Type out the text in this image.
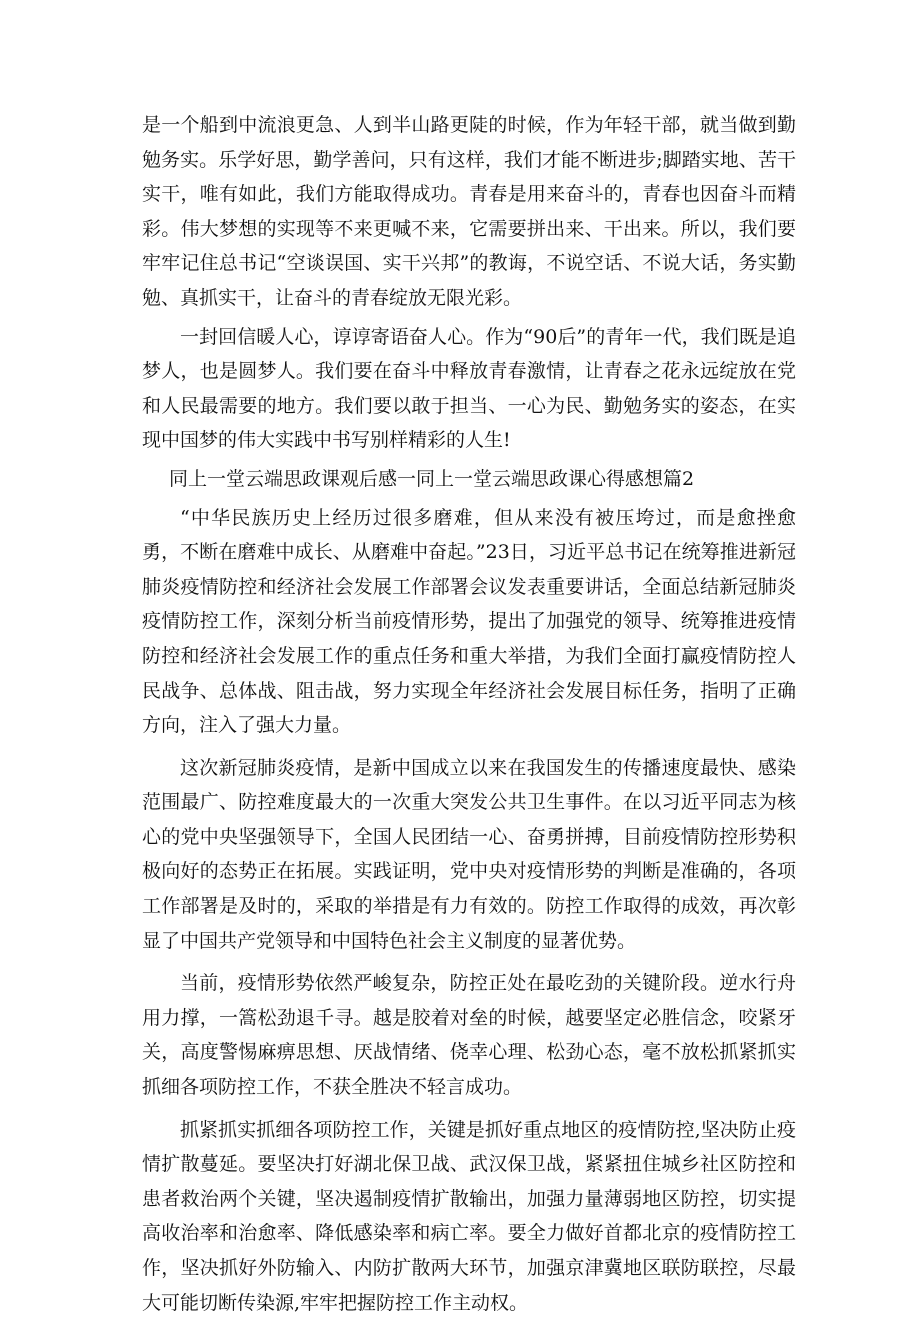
是一个船到中流浪更急、人到半山路更陡的时候，作为年轻干部，就当做到勤勉务实。乐学好思，勤学善问，只有这样，我们才能不断进步;脚踏实地、苦干实干，唯有如此，我们方能取得成功。青春是用来奋斗的，青春也因奋斗而精彩。伟大梦想的实现等不来更喊不来，它需要拼出来、干出来。所以，我们要牢牢记住总书记“空谈误国、实干兴邦”的教诲，不说空话、不说大话，务实勤勉、真抓实干，让奋斗的青春绽放无限光彩。

一封回信暖人心，谆谆寄语奋人心。作为“90后”的青年一代，我们既是追梦人，也是圆梦人。我们要在奋斗中释放青春激情，让青春之花永远绽放在党和人民最需要的地方。我们要以敢于担当、一心为民、勤勉务实的姿态，在实现中国梦的伟大实践中书写别样精彩的人生!

同上一堂云端思政课观后感一同上一堂云端思政课心得感想篇2

“中华民族历史上经历过很多磨难，但从来没有被压垮过，而是愈挫愈勇，不断在磨难中成长、从磨难中奋起。”23日，习近平总书记在统筹推进新冠肺炎疫情防控和经济社会发展工作部署会议发表重要讲话，全面总结新冠肺炎疫情防控工作，深刻分析当前疫情形势，提出了加强党的领导、统筹推进疫情防控和经济社会发展工作的重点任务和重大举措，为我们全面打赢疫情防控人民战争、总体战、阻击战，努力实现全年经济社会发展目标任务，指明了正确方向，注入了强大力量。

这次新冠肺炎疫情，是新中国成立以来在我国发生的传播速度最快、感染范围最广、防控难度最大的一次重大突发公共卫生事件。在以习近平同志为核心的党中央坚强领导下，全国人民团结一心、奋勇拼搏，目前疫情防控形势积极向好的态势正在拓展。实践证明，党中央对疫情形势的判断是准确的，各项工作部署是及时的，采取的举措是有力有效的。防控工作取得的成效，再次彰显了中国共产党领导和中国特色社会主义制度的显著优势。

当前，疫情形势依然严峻复杂，防控正处在最吃劲的关键阶段。逆水行舟用力撑，一篙松劲退千寻。越是胶着对垒的时候，越要坚定必胜信念，咬紧牙关，高度警惕麻痹思想、厌战情绪、侥幸心理、松劲心态，毫不放松抓紧抓实抓细各项防控工作，不获全胜决不轻言成功。

抓紧抓实抓细各项防控工作，关键是抓好重点地区的疫情防控,坚决防止疫情扩散蔓延。要坚决打好湖北保卫战、武汉保卫战，紧紧扭住城乡社区防控和患者救治两个关键，坚决遏制疫情扩散输出，加强力量薄弱地区防控，切实提高收治率和治愈率、降低感染率和病亡率。要全力做好首都北京的疫情防控工作，坚决抓好外防输入、内防扩散两大环节，加强京津冀地区联防联控，尽最大可能切断传染源,牢牢把握防控工作主动权。
